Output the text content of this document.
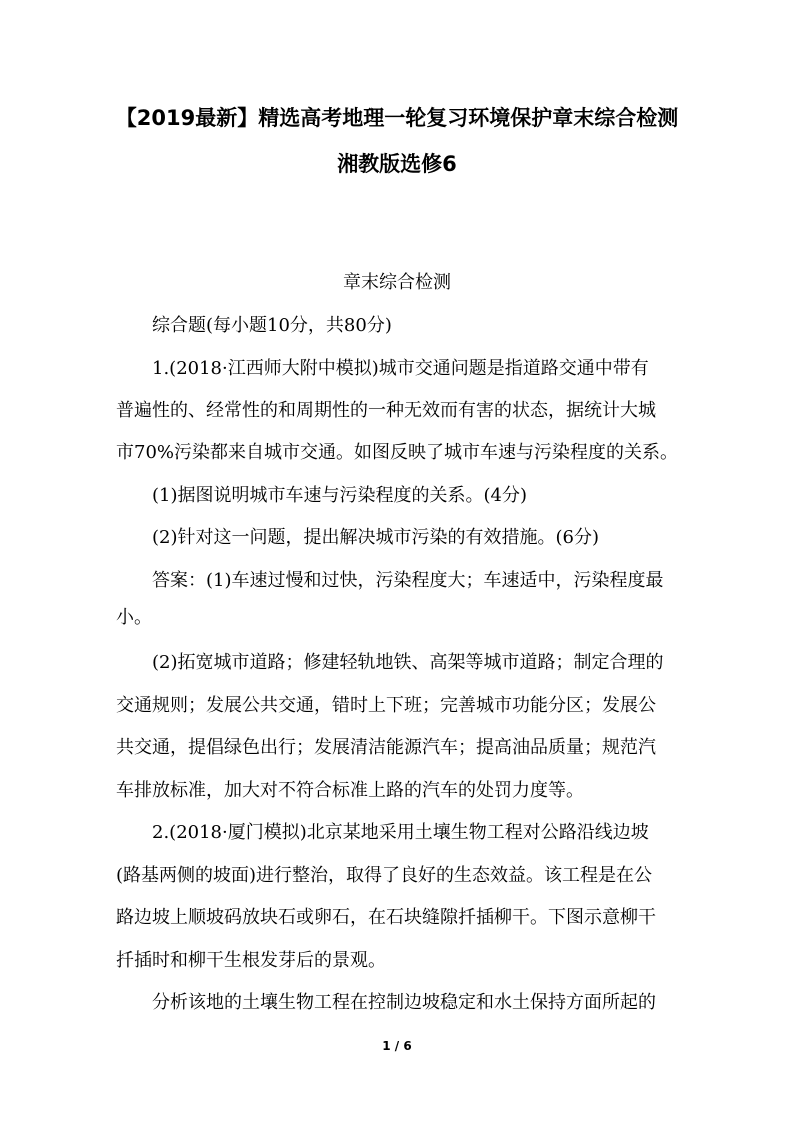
【2019最新】精选高考地理一轮复习环境保护章末综合检测
湘教版选修6
章末综合检测
综合题(每小题10分，共80分)
1.(2018·江西师大附中模拟)城市交通问题是指道路交通中带有
普遍性的、经常性的和周期性的一种无效而有害的状态，据统计大城
市70%污染都来自城市交通。如图反映了城市车速与污染程度的关系。
(1)据图说明城市车速与污染程度的关系。(4分)
(2)针对这一问题，提出解决城市污染的有效措施。(6分)
答案：(1)车速过慢和过快，污染程度大；车速适中，污染程度最
小。
(2)拓宽城市道路；修建轻轨地铁、高架等城市道路；制定合理的
交通规则；发展公共交通，错时上下班；完善城市功能分区；发展公
共交通，提倡绿色出行；发展清洁能源汽车；提高油品质量；规范汽
车排放标准，加大对不符合标准上路的汽车的处罚力度等。
2.(2018·厦门模拟)北京某地采用土壤生物工程对公路沿线边坡
(路基两侧的坡面)进行整治，取得了良好的生态效益。该工程是在公
路边坡上顺坡码放块石或卵石，在石块缝隙扦插柳干。下图示意柳干
扦插时和柳干生根发芽后的景观。
分析该地的土壤生物工程在控制边坡稳定和水土保持方面所起的
1 / 6
